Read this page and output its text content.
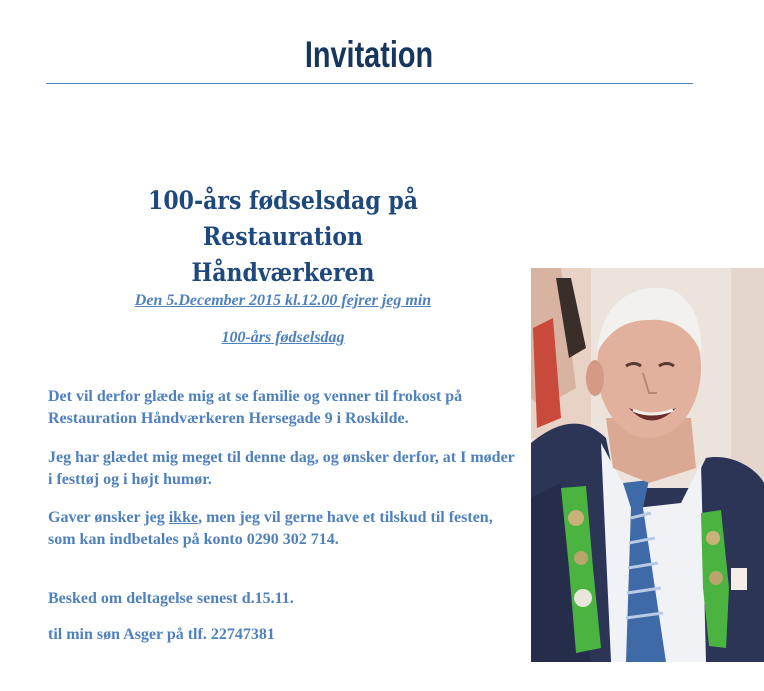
Invitation
100-års fødselsdag på Restauration
Håndværkeren
Den 5.December 2015 kl.12.00 fejrer jeg min
100-års fødselsdag

Det vil derfor glæde mig at se familie og venner til frokost på Restauration Håndværkeren Hersegade 9 i Roskilde.

Jeg har glædet mig meget til denne dag, og ønsker derfor, at I møder i festtøj og i højt humør.

Gaver ønsker jeg ikke, men jeg vil gerne have et tilskud til festen, som kan indbetales på konto 0290 302 714.

Besked om deltagelse senest d.15.11.

til min søn Asger på tlf. 22747381
